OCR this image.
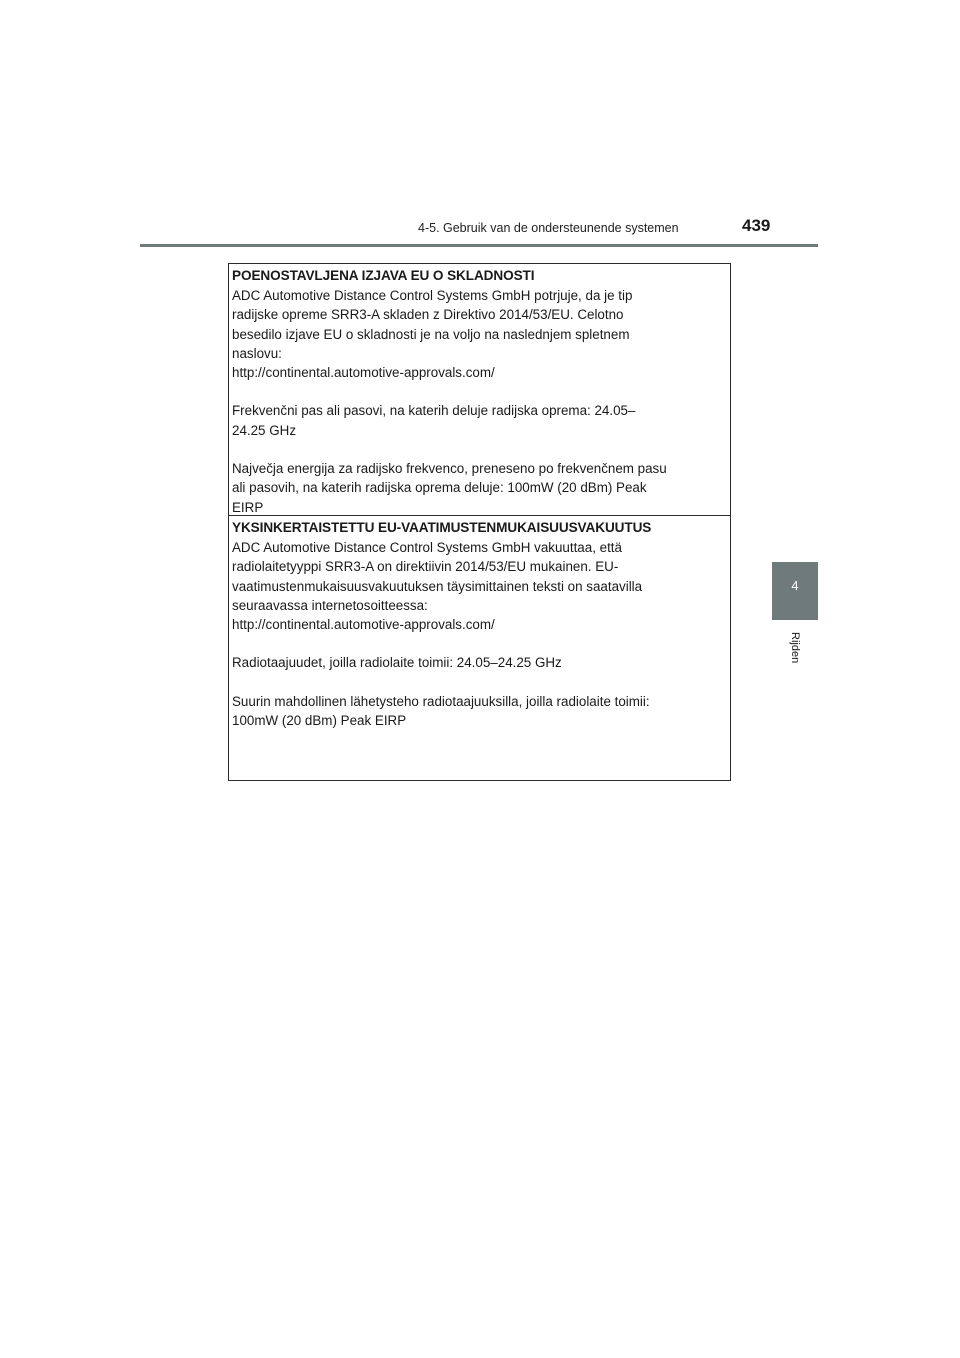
4-5. Gebruik van de ondersteunende systemen	439
4
Rijden
POENOSTAVLJENA IZJAVA EU O SKLADNOSTI

ADC Automotive Distance Control Systems GmbH potrjuje, da je tip
radijske opreme SRR3-A skladen z Direktivo 2014/53/EU. Celotno
besedilo izjave EU o skladnosti je na voljo na naslednjem spletnem
naslovu:
http://continental.automotive-approvals.com/

Frekvenčni pas ali pasovi, na katerih deluje radijska oprema: 24.05–
24.25 GHz

Največja energija za radijsko frekvenco, preneseno po frekvenčnem pasu
ali pasovih, na katerih radijska oprema deluje: 100mW (20 dBm) Peak
EIRP

YKSINKERTAISTETTU EU-VAATIMUSTENMUKAISUUSVAKUUTUS

ADC Automotive Distance Control Systems GmbH vakuuttaa, että
radiolaitetyyppi SRR3-A on direktiivin 2014/53/EU mukainen. EU-
vaatimustenmukaisuusvakuutuksen täysimittainen teksti on saatavilla
seuraavassa internetosoitteessa:
http://continental.automotive-approvals.com/

Radiotaajuudet, joilla radiolaite toimii: 24.05–24.25 GHz

Suurin mahdollinen lähetysteho radiotaajuuksilla, joilla radiolaite toimii:
100mW (20 dBm) Peak EIRP
